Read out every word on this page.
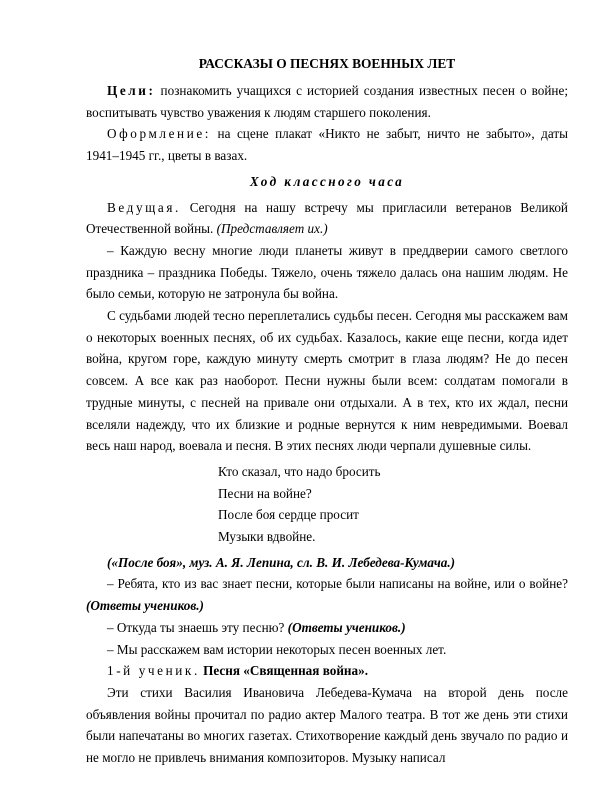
РАССКАЗЫ О ПЕСНЯХ ВОЕННЫХ ЛЕТ

Цели: познакомить учащихся с историей создания известных песен о войне; воспитывать чувство уважения к людям старшего поколения.

Оформление: на сцене плакат «Никто не забыт, ничто не забыто», даты 1941–1945 гг., цветы в вазах.

Ход классного часа

Ведущая. Сегодня на нашу встречу мы пригласили ветеранов Великой Отечественной войны. (Представляет их.)

– Каждую весну многие люди планеты живут в преддверии самого светлого праздника – праздника Победы. Тяжело, очень тяжело далась она нашим людям. Не было семьи, которую не затронула бы война.

С судьбами людей тесно переплетались судьбы песен. Сегодня мы расскажем вам о некоторых военных песнях, об их судьбах. Казалось, какие еще песни, когда идет война, кругом горе, каждую минуту смерть смотрит в глаза людям? Не до песен совсем. А все как раз наоборот. Песни нужны были всем: солдатам помогали в трудные минуты, с песней на привале они отдыхали. А в тех, кто их ждал, песни вселяли надежду, что их близкие и родные вернутся к ним невредимыми. Воевал весь наш народ, воевала и песня. В этих песнях люди черпали душевные силы.

Кто сказал, что надо бросить
Песни на войне?
После боя сердце просит
Музыки вдвойне.

(«После боя», муз. А. Я. Лепина, сл. В. И. Лебедева-Кумача.)

– Ребята, кто из вас знает песни, которые были написаны на войне, или о войне? (Ответы учеников.)

– Откуда ты знаешь эту песню? (Ответы учеников.)

– Мы расскажем вам истории некоторых песен военных лет.

1-й ученик. Песня «Священная война».

Эти стихи Василия Ивановича Лебедева-Кумача на второй день после объявления войны прочитал по радио актер Малого театра. В тот же день эти стихи были напечатаны во многих газетах. Стихотворение каждый день звучало по радио и не могло не привлечь внимания композиторов. Музыку написал
